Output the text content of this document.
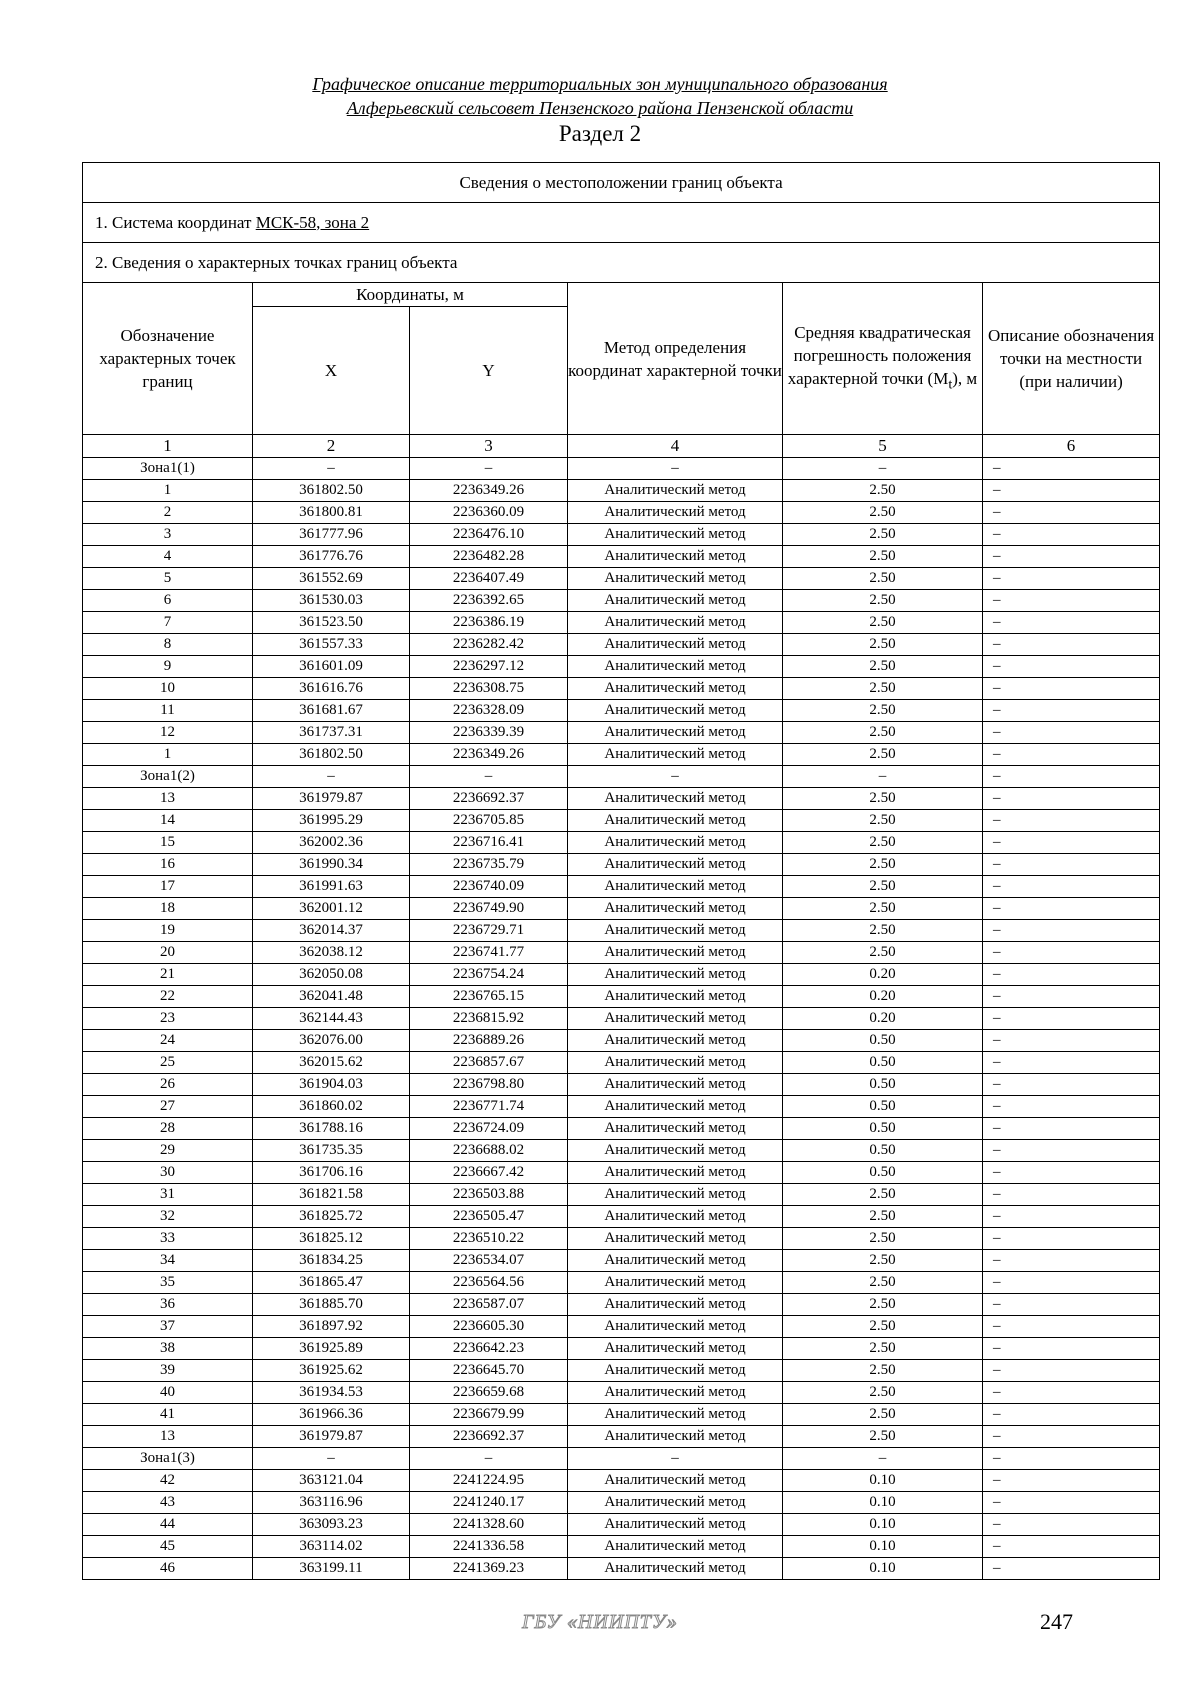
Графическое описание территориальных зон муниципального образования
Алферьевский сельсовет Пензенского района Пензенской области
Раздел 2
Сведения о местоположении границ объекта					
1. Система координат МСК-58, зона 2					
2. Сведения о характерных точках границ объекта					
Обозначение характерных точек границ	Координаты, м		Метод определения координат характерной точки	Средняя квадратическая погрешность положения характерной точки $(M_t)$, м	Описание обозначения точки на местности (при наличии)
	X	Y			
1	2	3	4	5	6
Зона1(1)	–	–	–	–	–
1	361802.50	2236349.26	Аналитический метод	2.50	–
2	361800.81	2236360.09	Аналитический метод	2.50	–
3	361777.96	2236476.10	Аналитический метод	2.50	–
4	361776.76	2236482.28	Аналитический метод	2.50	–
5	361552.69	2236407.49	Аналитический метод	2.50	–
6	361530.03	2236392.65	Аналитический метод	2.50	–
7	361523.50	2236386.19	Аналитический метод	2.50	–
8	361557.33	2236282.42	Аналитический метод	2.50	–
9	361601.09	2236297.12	Аналитический метод	2.50	–
10	361616.76	2236308.75	Аналитический метод	2.50	–
11	361681.67	2236328.09	Аналитический метод	2.50	–
12	361737.31	2236339.39	Аналитический метод	2.50	–
1	361802.50	2236349.26	Аналитический метод	2.50	–
Зона1(2)	–	–	–	–	–
13	361979.87	2236692.37	Аналитический метод	2.50	–
14	361995.29	2236705.85	Аналитический метод	2.50	–
15	362002.36	2236716.41	Аналитический метод	2.50	–
16	361990.34	2236735.79	Аналитический метод	2.50	–
17	361991.63	2236740.09	Аналитический метод	2.50	–
18	362001.12	2236749.90	Аналитический метод	2.50	–
19	362014.37	2236729.71	Аналитический метод	2.50	–
20	362038.12	2236741.77	Аналитический метод	2.50	–
21	362050.08	2236754.24	Аналитический метод	0.20	–
22	362041.48	2236765.15	Аналитический метод	0.20	–
23	362144.43	2236815.92	Аналитический метод	0.20	–
24	362076.00	2236889.26	Аналитический метод	0.50	–
25	362015.62	2236857.67	Аналитический метод	0.50	–
26	361904.03	2236798.80	Аналитический метод	0.50	–
27	361860.02	2236771.74	Аналитический метод	0.50	–
28	361788.16	2236724.09	Аналитический метод	0.50	–
29	361735.35	2236688.02	Аналитический метод	0.50	–
30	361706.16	2236667.42	Аналитический метод	0.50	–
31	361821.58	2236503.88	Аналитический метод	2.50	–
32	361825.72	2236505.47	Аналитический метод	2.50	–
33	361825.12	2236510.22	Аналитический метод	2.50	–
34	361834.25	2236534.07	Аналитический метод	2.50	–
35	361865.47	2236564.56	Аналитический метод	2.50	–
36	361885.70	2236587.07	Аналитический метод	2.50	–
37	361897.92	2236605.30	Аналитический метод	2.50	–
38	361925.89	2236642.23	Аналитический метод	2.50	–
39	361925.62	2236645.70	Аналитический метод	2.50	–
40	361934.53	2236659.68	Аналитический метод	2.50	–
41	361966.36	2236679.99	Аналитический метод	2.50	–
13	361979.87	2236692.37	Аналитический метод	2.50	–
Зона1(3)	–	–	–	–	–
42	363121.04	2241224.95	Аналитический метод	0.10	–
43	363116.96	2241240.17	Аналитический метод	0.10	–
44	363093.23	2241328.60	Аналитический метод	0.10	–
45	363114.02	2241336.58	Аналитический метод	0.10	–
46	363199.11	2241369.23	Аналитический метод	0.10	–
ГБУ «НИИПТУ»	247
